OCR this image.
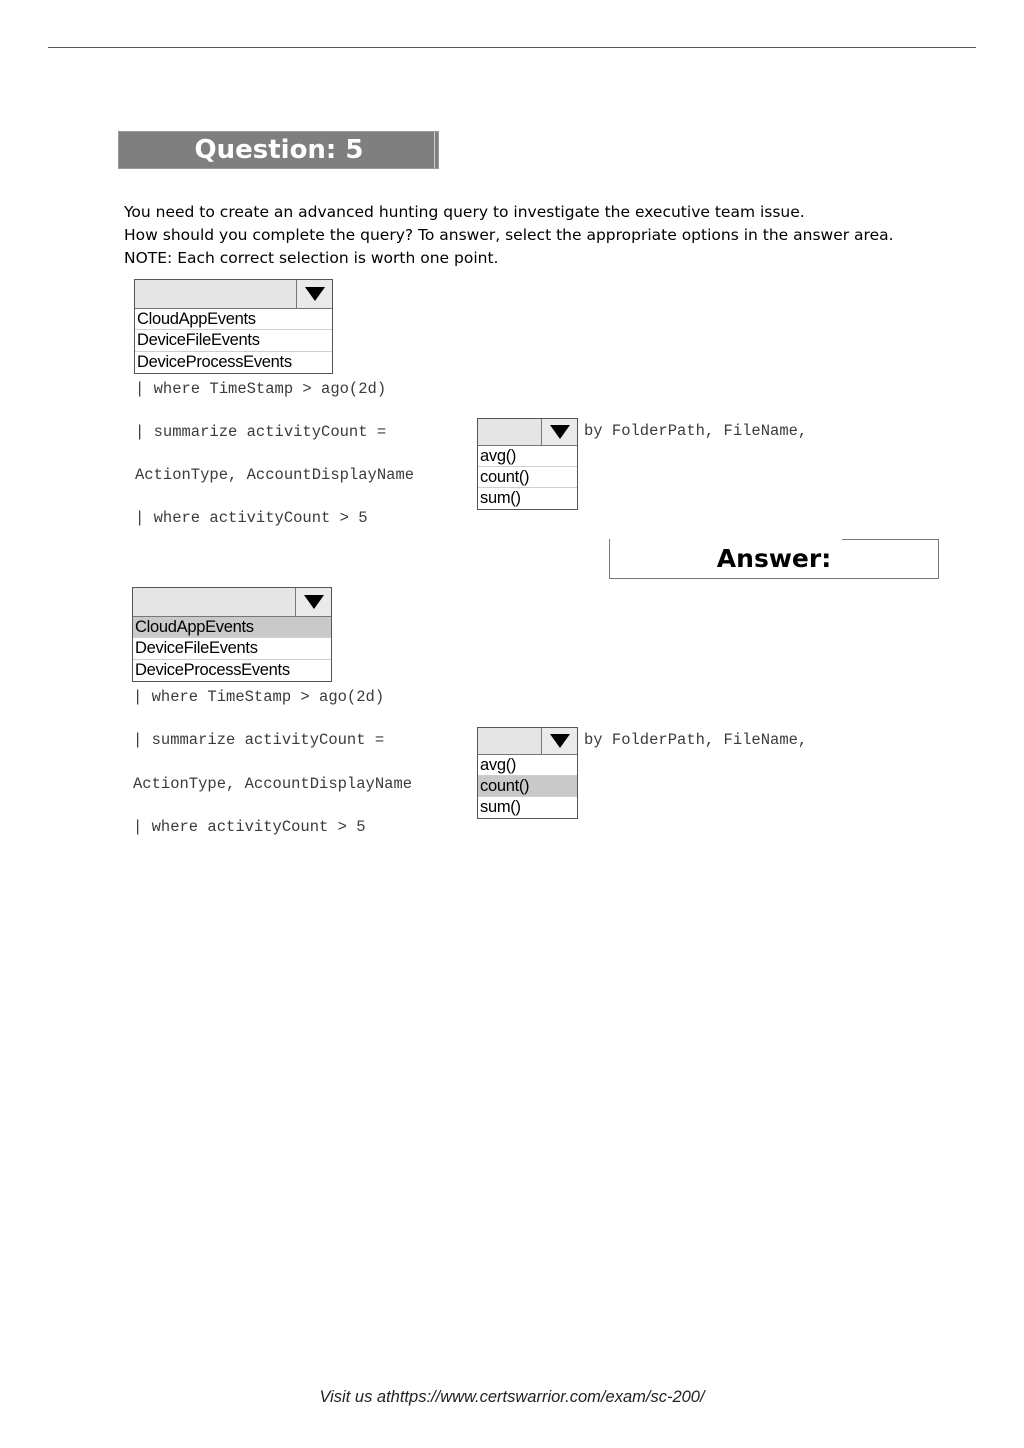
Question: 5
You need to create an advanced hunting query to investigate the executive team issue.
How should you complete the query? To answer, select the appropriate options in the answer area.
NOTE: Each correct selection is worth one point.
CloudAppEvents
DeviceFileEvents
DeviceProcessEvents
| where TimeStamp > ago(2d)
| summarize activityCount =	by FolderPath, FileName,
ActionType, AccountDisplayName
| where activityCount > 5
avg()
count()
sum()
Answer:
CloudAppEvents
DeviceFileEvents
DeviceProcessEvents
| where TimeStamp > ago(2d)
| summarize activityCount =	by FolderPath, FileName,
ActionType, AccountDisplayName
| where activityCount > 5
avg()
count()
sum()
Visit us athttps://www.certswarrior.com/exam/sc-200/
